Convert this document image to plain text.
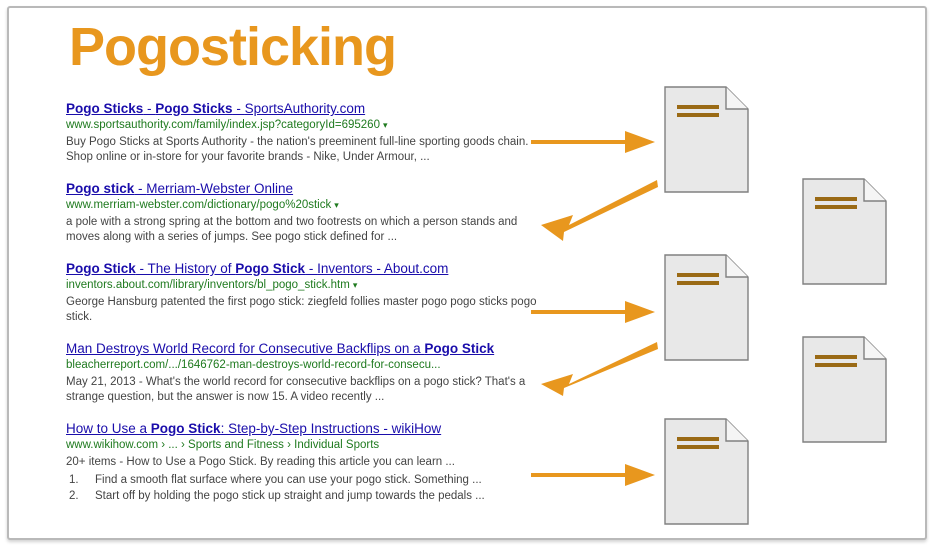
Pogosticking
Pogo Sticks - Pogo Sticks - SportsAuthority.com
www.sportsauthority.com/family/index.jsp?categoryId=695260 ▾
Buy Pogo Sticks at Sports Authority - the nation's preeminent full-line sporting goods chain. Shop online or in-store for your favorite brands - Nike, Under Armour, ...
Pogo stick - Merriam-Webster Online
www.merriam-webster.com/dictionary/pogo%20stick ▾
a pole with a strong spring at the bottom and two footrests on which a person stands and moves along with a series of jumps. See pogo stick defined for ...
Pogo Stick - The History of Pogo Stick - Inventors - About.com
inventors.about.com/library/inventors/bl_pogo_stick.htm ▾
George Hansburg patented the first pogo stick: ziegfeld follies master pogo pogo sticks pogo stick.
Man Destroys World Record for Consecutive Backflips on a Pogo Stick
bleacherreport.com/.../1646762-man-destroys-world-record-for-consecu...
May 21, 2013 - What's the world record for consecutive backflips on a pogo stick? That's a strange question, but the answer is now 15. A video recently ...
How to Use a Pogo Stick: Step-by-Step Instructions - wikiHow
www.wikihow.com › ... › Sports and Fitness › Individual Sports
20+ items - How to Use a Pogo Stick. By reading this article you can learn ...
1.	Find a smooth flat surface where you can use your pogo stick. Something ...
2.	Start off by holding the pogo stick up straight and jump towards the pedals ...
